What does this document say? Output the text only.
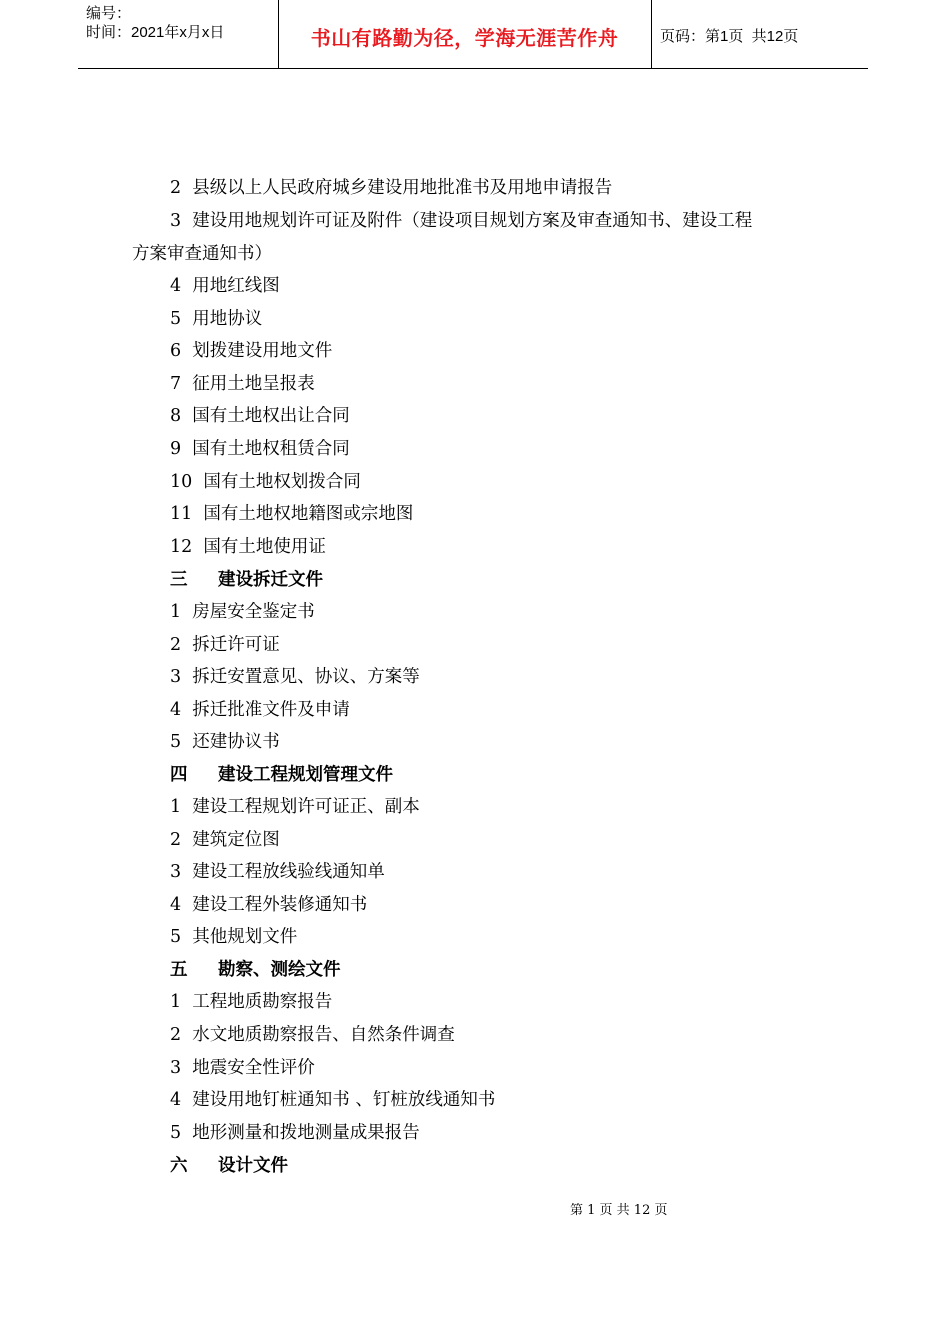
编号：
时间：2021年x月x日	书山有路勤为径，学海无涯苦作舟	页码：第1页  共12页
2  县级以上人民政府城乡建设用地批准书及用地申请报告
3  建设用地规划许可证及附件（建设项目规划方案及审查通知书、建设工程
方案审查通知书）
4  用地红线图
5  用地协议
6  划拨建设用地文件
7  征用土地呈报表
8  国有土地权出让合同
9  国有土地权租赁合同
10  国有土地权划拨合同
11  国有土地权地籍图或宗地图
12  国有土地使用证
三     建设拆迁文件
1  房屋安全鉴定书
2  拆迁许可证
3  拆迁安置意见、协议、方案等
4  拆迁批准文件及申请
5  还建协议书
四     建设工程规划管理文件
1  建设工程规划许可证正、副本
2  建筑定位图
3  建设工程放线验线通知单
4  建设工程外装修通知书
5  其他规划文件
五     勘察、测绘文件
1  工程地质勘察报告
2  水文地质勘察报告、自然条件调查
3  地震安全性评价
4  建设用地钉桩通知书 、钉桩放线通知书
5  地形测量和拨地测量成果报告
六     设计文件
第 1 页 共 12 页
